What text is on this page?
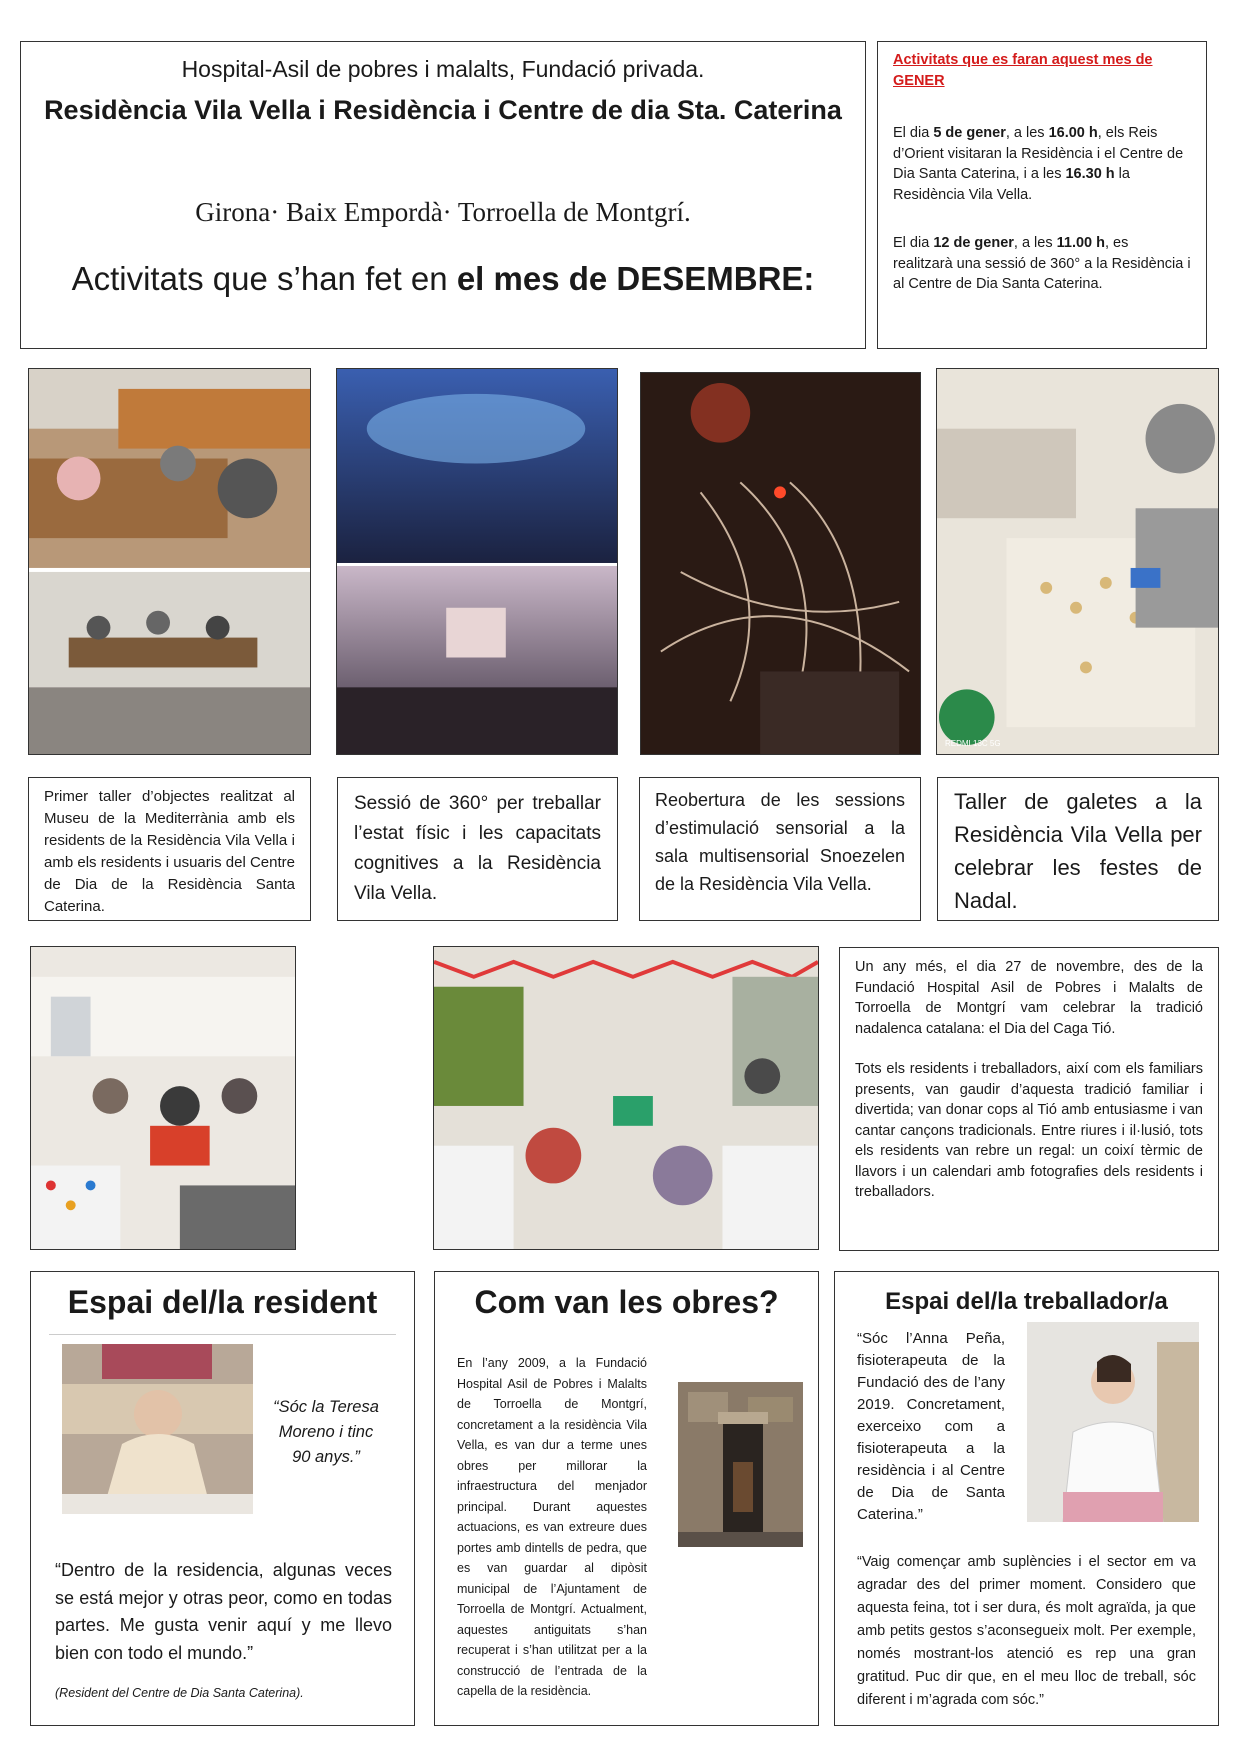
Hospital-Asil de pobres i malalts, Fundació privada.
Residència Vila Vella i Residència i Centre de dia Sta. Caterina
Girona· Baix Empordà· Torroella de Montgrí.
Activitats que s’han fet en el mes de DESEMBRE:
Activitats que es faran aquest mes de GENER
El dia 5 de gener, a les 16.00 h, els Reis d’Orient visitaran la Residència i el Centre de Dia Santa Caterina, i a les 16.30 h la Residència Vila Vella.
El dia 12 de gener, a les 11.00 h, es realitzarà una sessió de 360° a la Residència i al Centre de Dia Santa Caterina.
REDMI 13C 5G
Primer taller d’objectes realitzat al Museu de la Mediterrània amb els residents de la Residència Vila Vella i amb els residents i usuaris del Centre de Dia de la Residència Santa Caterina.
Sessió de 360° per treballar l’estat físic i les capacitats cognitives a la Residència Vila Vella.
Reobertura de les sessions d’estimulació sensorial a la sala multisensorial Snoezelen de la Residència Vila Vella.
Taller de galetes a la Residència Vila Vella per celebrar les festes de Nadal.
Un any més, el dia 27 de novembre, des de la Fundació Hospital Asil de Pobres i Malalts de Torroella de Montgrí vam celebrar la tradició nadalenca catalana: el Dia del Caga Tió.
Tots els residents i treballadors, així com els familiars presents, van gaudir d’aquesta tradició familiar i divertida; van donar cops al Tió amb entusiasme i van cantar cançons tradicionals. Entre riures i il·lusió, tots els residents van rebre un regal: un coixí tèrmic de llavors i un calendari amb fotografies dels residents i treballadors.
Espai del/la resident
“Sóc la Teresa Moreno i tinc 90 anys.”
“Dentro de la residencia, algunas veces se está mejor y otras peor, como en todas partes. Me gusta venir aquí y me llevo bien con todo el mundo.”
(Resident del Centre de Dia Santa Caterina).
Com van les obres?
En l’any 2009, a la Fundació Hospital Asil de Pobres i Malalts de Torroella de Montgrí, concretament a la residència Vila Vella, es van dur a terme unes obres per millorar la infraestructura del menjador principal. Durant aquestes actuacions, es van extreure dues portes amb dintells de pedra, que es van guardar al dipòsit municipal de l’Ajuntament de Torroella de Montgrí. Actualment, aquestes antiguitats s’han recuperat i s’han utilitzat per a la construcció de l’entrada de la capella de la residència.
Espai del/la treballador/a
“Sóc l’Anna Peña, fisioterapeuta de la Fundació des de l’any 2019. Concretament, exerceixo com a fisioterapeuta a la residència i al Centre de Dia de Santa Caterina.”
“Vaig començar amb suplències i el sector em va agradar des del primer moment. Considero que aquesta feina, tot i ser dura, és molt agraïda, ja que amb petits gestos s’aconsegueix molt. Per exemple, només mostrant-los atenció es rep una gran gratitud. Puc dir que, en el meu lloc de treball, sóc diferent i m’agrada com sóc.”
